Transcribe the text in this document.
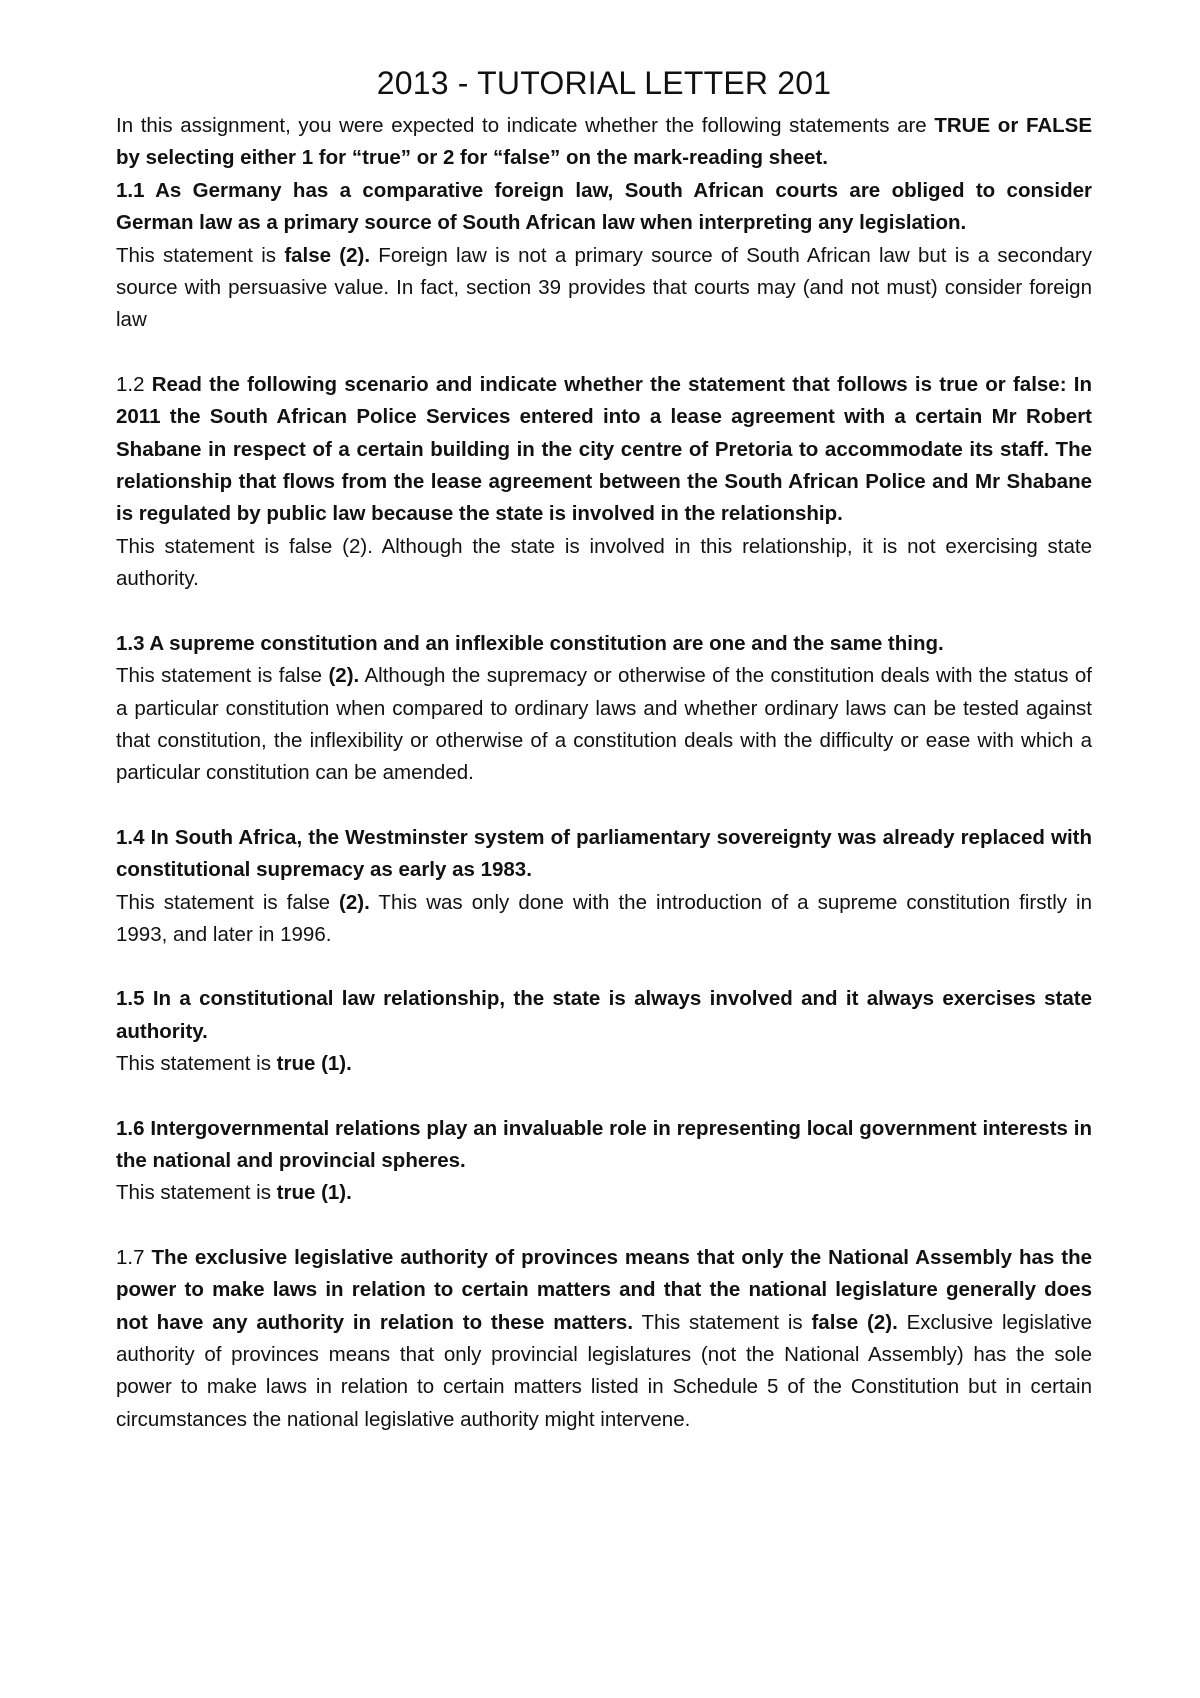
2013 - TUTORIAL LETTER 201

In this assignment, you were expected to indicate whether the following statements are TRUE or FALSE by selecting either 1 for “true” or 2 for “false” on the mark-reading sheet.

1.1 As Germany has a comparative foreign law, South African courts are obliged to consider German law as a primary source of South African law when interpreting any legislation.

This statement is false (2). Foreign law is not a primary source of South African law but is a secondary source with persuasive value. In fact, section 39 provides that courts may (and not must) consider foreign law

1.2 Read the following scenario and indicate whether the statement that follows is true or false: In 2011 the South African Police Services entered into a lease agreement with a certain Mr Robert Shabane in respect of a certain building in the city centre of Pretoria to accommodate its staff. The relationship that flows from the lease agreement between the South African Police and Mr Shabane is regulated by public law because the state is involved in the relationship.

This statement is false (2). Although the state is involved in this relationship, it is not exercising state authority.

1.3 A supreme constitution and an inflexible constitution are one and the same thing.

This statement is false (2). Although the supremacy or otherwise of the constitution deals with the status of a particular constitution when compared to ordinary laws and whether ordinary laws can be tested against that constitution, the inflexibility or otherwise of a constitution deals with the difficulty or ease with which a particular constitution can be amended.

1.4 In South Africa, the Westminster system of parliamentary sovereignty was already replaced with constitutional supremacy as early as 1983.

This statement is false (2). This was only done with the introduction of a supreme constitution firstly in 1993, and later in 1996.

1.5 In a constitutional law relationship, the state is always involved and it always exercises state authority.

This statement is true (1).

1.6 Intergovernmental relations play an invaluable role in representing local government interests in the national and provincial spheres.

This statement is true (1).

1.7 The exclusive legislative authority of provinces means that only the National Assembly has the power to make laws in relation to certain matters and that the national legislature generally does not have any authority in relation to these matters. This statement is false (2). Exclusive legislative authority of provinces means that only provincial legislatures (not the National Assembly) has the sole power to make laws in relation to certain matters listed in Schedule 5 of the Constitution but in certain circumstances the national legislative authority might intervene.
